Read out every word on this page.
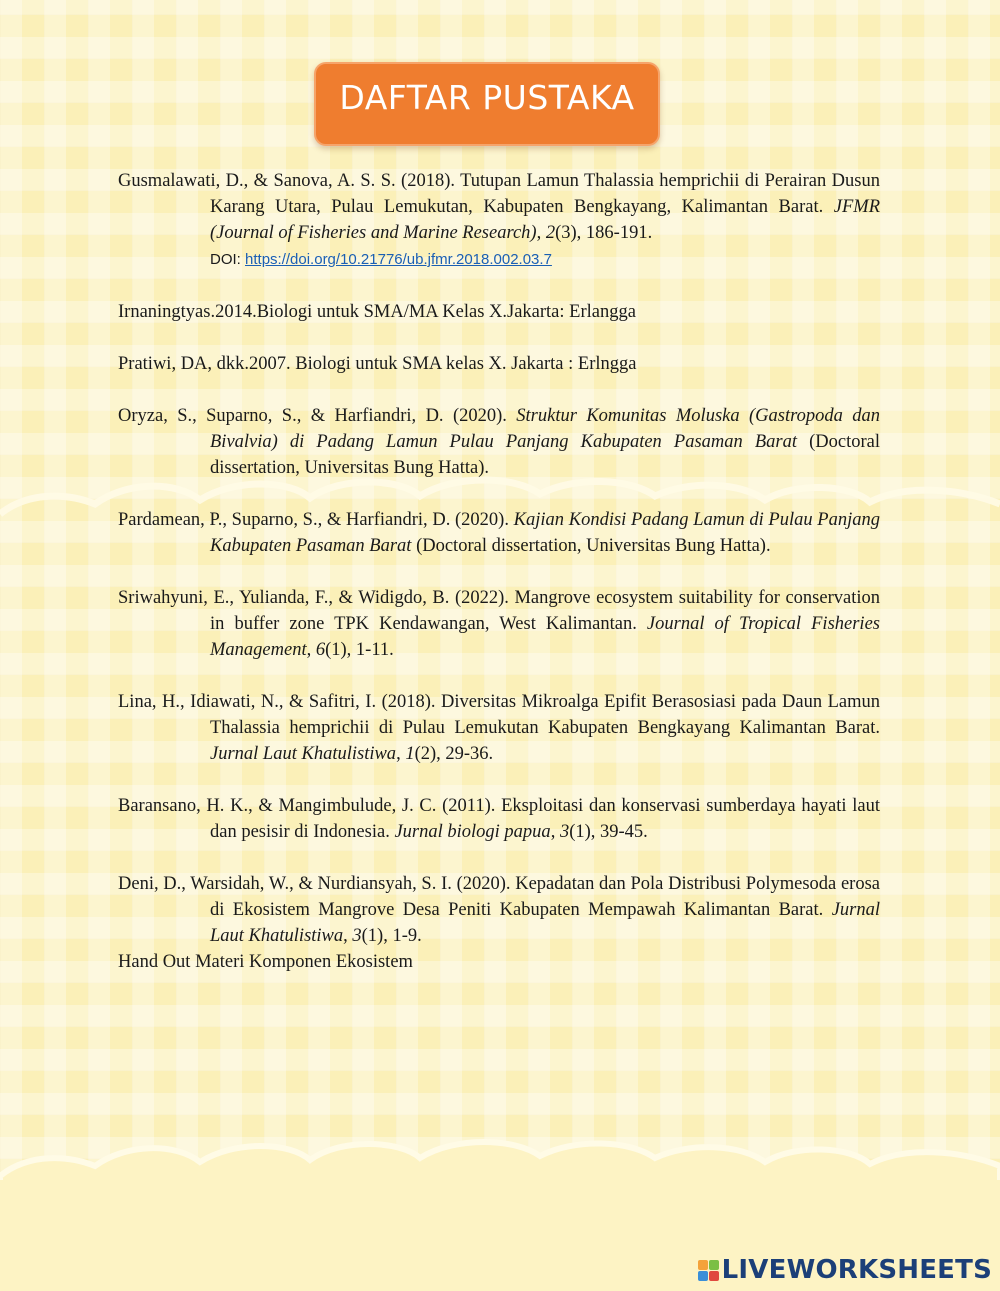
DAFTAR PUSTAKA

Gusmalawati, D., & Sanova, A. S. S. (2018). Tutupan Lamun Thalassia hemprichii di Perairan Dusun Karang Utara, Pulau Lemukutan, Kabupaten Bengkayang, Kalimantan Barat. JFMR (Journal of Fisheries and Marine Research), 2(3), 186-191.
DOI: https://doi.org/10.21776/ub.jfmr.2018.002.03.7

Irnaningtyas.2014.Biologi untuk SMA/MA Kelas X.Jakarta: Erlangga

Pratiwi, DA, dkk.2007. Biologi untuk SMA kelas X. Jakarta : Erlngga

Oryza, S., Suparno, S., & Harfiandri, D. (2020). Struktur Komunitas Moluska (Gastropoda dan Bivalvia) di Padang Lamun Pulau Panjang Kabupaten Pasaman Barat (Doctoral dissertation, Universitas Bung Hatta).

Pardamean, P., Suparno, S., & Harfiandri, D. (2020). Kajian Kondisi Padang Lamun di Pulau Panjang Kabupaten Pasaman Barat (Doctoral dissertation, Universitas Bung Hatta).

Sriwahyuni, E., Yulianda, F., & Widigdo, B. (2022). Mangrove ecosystem suitability for conservation in buffer zone TPK Kendawangan, West Kalimantan. Journal of Tropical Fisheries Management, 6(1), 1-11.

Lina, H., Idiawati, N., & Safitri, I. (2018). Diversitas Mikroalga Epifit Berasosiasi pada Daun Lamun Thalassia hemprichii di Pulau Lemukutan Kabupaten Bengkayang Kalimantan Barat. Jurnal Laut Khatulistiwa, 1(2), 29-36.

Baransano, H. K., & Mangimbulude, J. C. (2011). Eksploitasi dan konservasi sumberdaya hayati laut dan pesisir di Indonesia. Jurnal biologi papua, 3(1), 39-45.

Deni, D., Warsidah, W., & Nurdiansyah, S. I. (2020). Kepadatan dan Pola Distribusi Polymesoda erosa di Ekosistem Mangrove Desa Peniti Kabupaten Mempawah Kalimantan Barat. Jurnal Laut Khatulistiwa, 3(1), 1-9.

Hand Out Materi Komponen Ekosistem

LIVEWORKSHEETS
